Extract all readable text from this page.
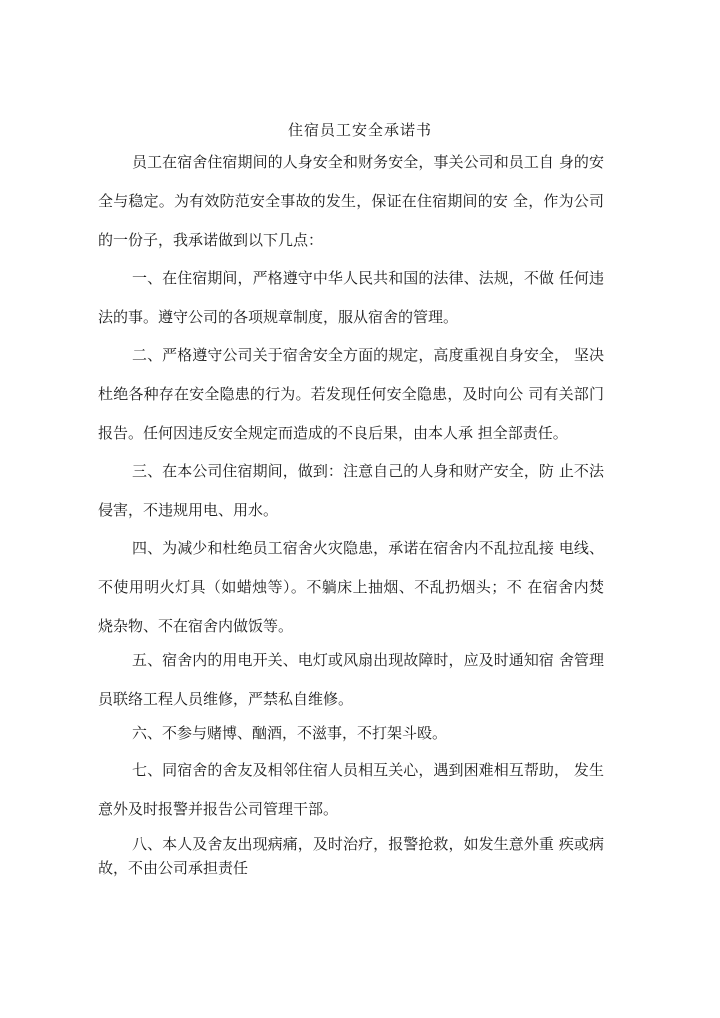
住宿员工安全承诺书
员工在宿舍住宿期间的人身安全和财务安全，事关公司和员工自 身的安全与稳定。为有效防范安全事故的发生，保证在住宿期间的安 全，作为公司的一份子，我承诺做到以下几点：
一、在住宿期间，严格遵守中华人民共和国的法律、法规，不做 任何违法的事。遵守公司的各项规章制度，服从宿舍的管理。
二、严格遵守公司关于宿舍安全方面的规定，高度重视自身安全， 坚决杜绝各种存在安全隐患的行为。若发现任何安全隐患，及时向公 司有关部门报告。任何因违反安全规定而造成的不良后果，由本人承 担全部责任。
三、在本公司住宿期间，做到：注意自己的人身和财产安全，防 止不法侵害，不违规用电、用水。
四、为减少和杜绝员工宿舍火灾隐患，承诺在宿舍内不乱拉乱接 电线、不使用明火灯具（如蜡烛等）。不躺床上抽烟、不乱扔烟头；不 在宿舍内焚烧杂物、不在宿舍内做饭等。
五、宿舍内的用电开关、电灯或风扇出现故障时，应及时通知宿 舍管理员联络工程人员维修，严禁私自维修。
六、不参与赌博、酗酒，不滋事，不打架斗殴。
七、同宿舍的舍友及相邻住宿人员相互关心，遇到困难相互帮助， 发生意外及时报警并报告公司管理干部。
八、本人及舍友出现病痛，及时治疗，报警抢救，如发生意外重 疾或病故，不由公司承担责任
